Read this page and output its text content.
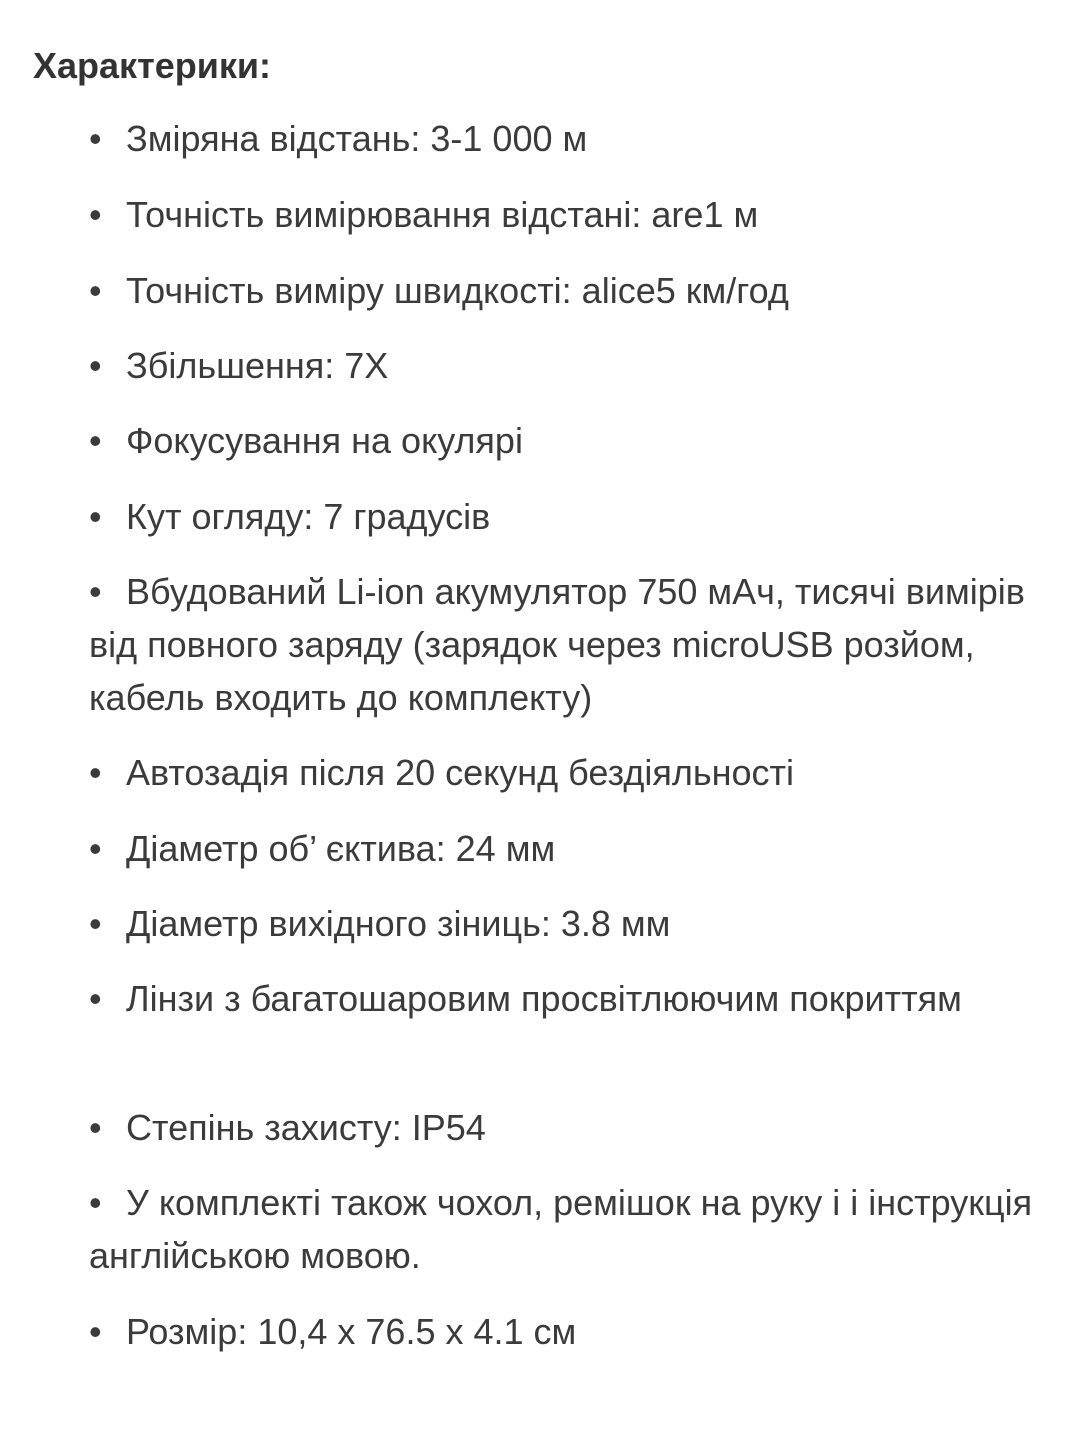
Характерики:
• Зміряна відстань: 3-1 000 м
• Точність вимірювання відстані: are1 м
• Точність виміру швидкості: alice5 км/год
• Збільшення: 7X
• Фокусування на окулярі
• Кут огляду: 7 градусів
• Вбудований Li-ion акумулятор 750 мАч, тисячі вимірів від повного заряду (зарядок через microUSB розйом, кабель входить до комплекту)
• Автозадія після 20 секунд бездіяльності
• Діаметр об’ єктива: 24 мм
• Діаметр вихідного зіниць: 3.8 мм
• Лінзи з багатошаровим просвітлюючим покриттям
• Степінь захисту: IP54
• У комплекті також чохол, ремішок на руку і і інструкція англійською мовою.
• Розмір: 10,4 x 76.5 x 4.1 см
